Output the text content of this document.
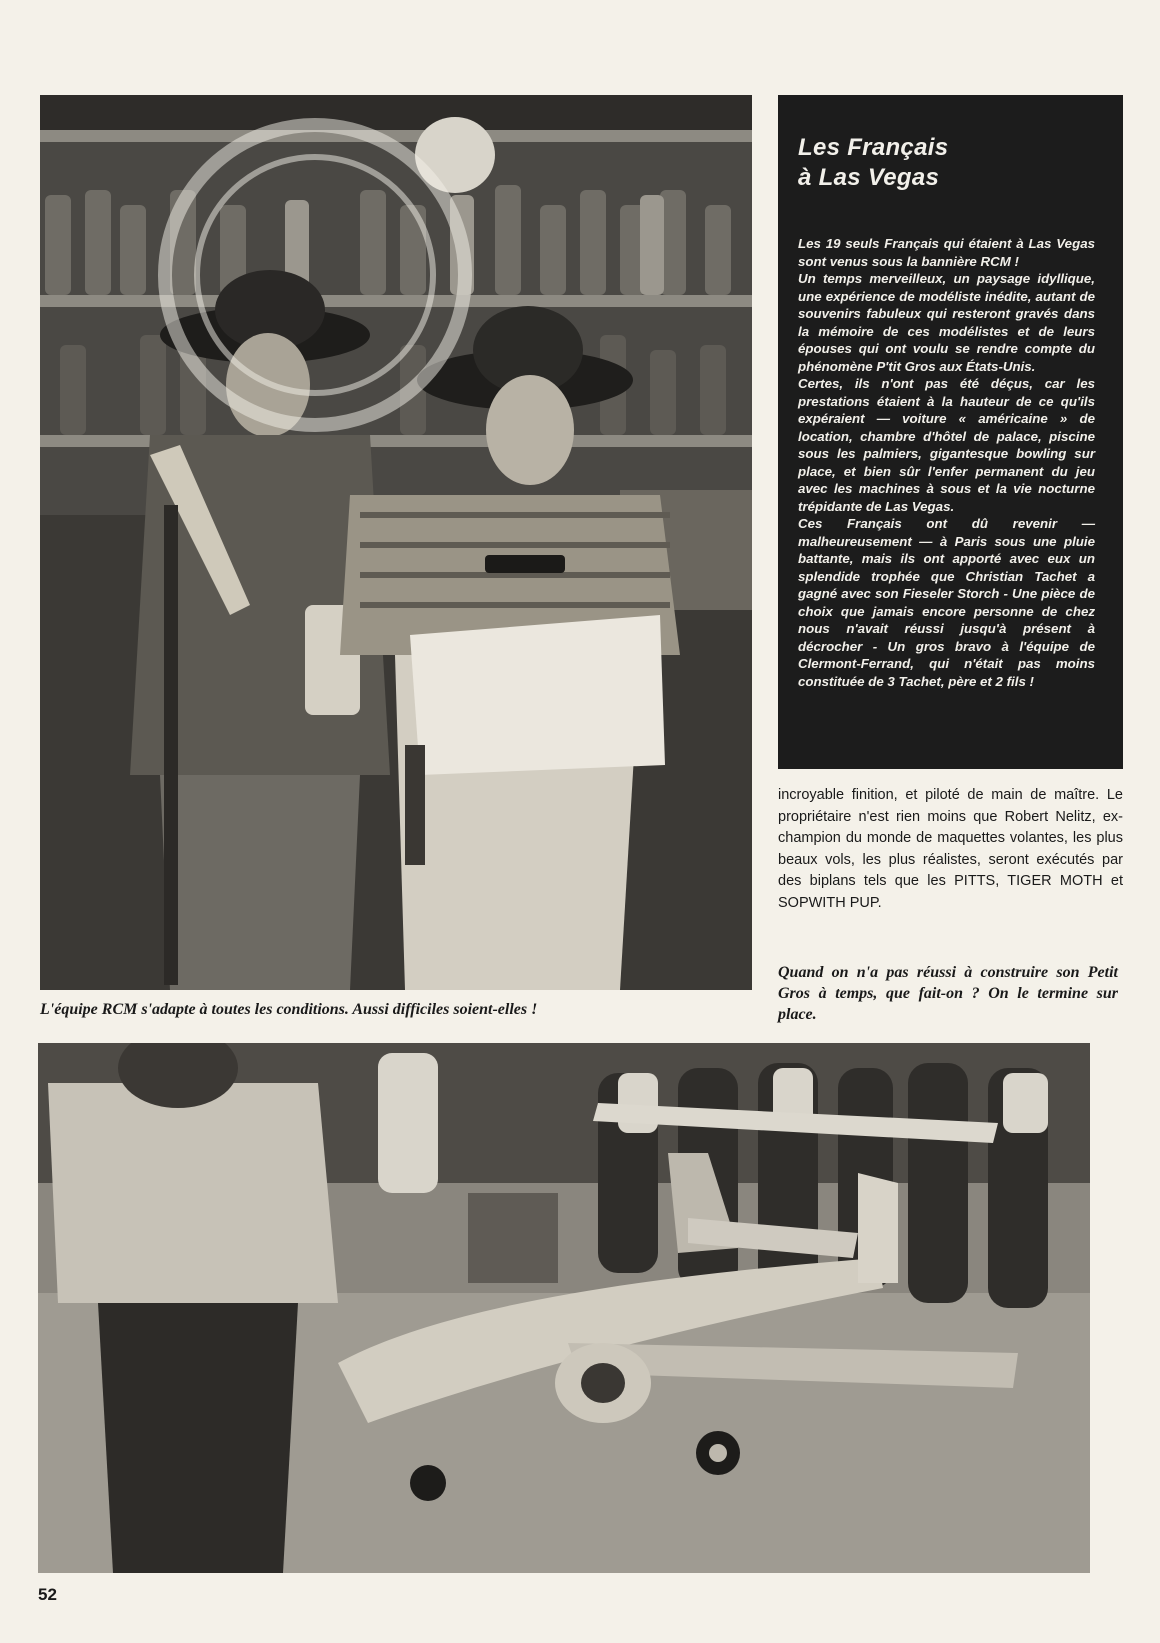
Les Français
à Las Vegas

Les 19 seuls Français qui étaient à Las Vegas sont venus sous la bannière RCM !

Un temps merveilleux, un paysage idyllique, une expérience de modéliste inédite, autant de souvenirs fabuleux qui resteront gravés dans la mémoire de ces modélistes et de leurs épouses qui ont voulu se rendre compte du phénomène P'tit Gros aux États-Unis.

Certes, ils n'ont pas été déçus, car les prestations étaient à la hauteur de ce qu'ils expéraient — voiture « américaine » de location, chambre d'hôtel de palace, piscine sous les palmiers, gigantesque bowling sur place, et bien sûr l'enfer permanent du jeu avec les machines à sous et la vie nocturne trépidante de Las Vegas.

Ces Français ont dû revenir — malheureusement — à Paris sous une pluie battante, mais ils ont apporté avec eux un splendide trophée que Christian Tachet a gagné avec son Fieseler Storch - Une pièce de choix que jamais encore personne de chez nous n'avait réussi jusqu'à présent à décrocher - Un gros bravo à l'équipe de Clermont-Ferrand, qui n'était pas moins constituée de 3 Tachet, père et 2 fils !

incroyable finition, et piloté de main de maître. Le propriétaire n'est rien moins que Robert Nelitz, ex-champion du monde de maquettes volantes, les plus beaux vols, les plus réalistes, seront exécutés par des biplans tels que les PITTS, TIGER MOTH et SOPWITH PUP.

L'équipe RCM s'adapte à toutes les conditions. Aussi difficiles soient-elles !

Quand on n'a pas réussi à construire son Petit Gros à temps, que fait-on ? On le termine sur place.

52
